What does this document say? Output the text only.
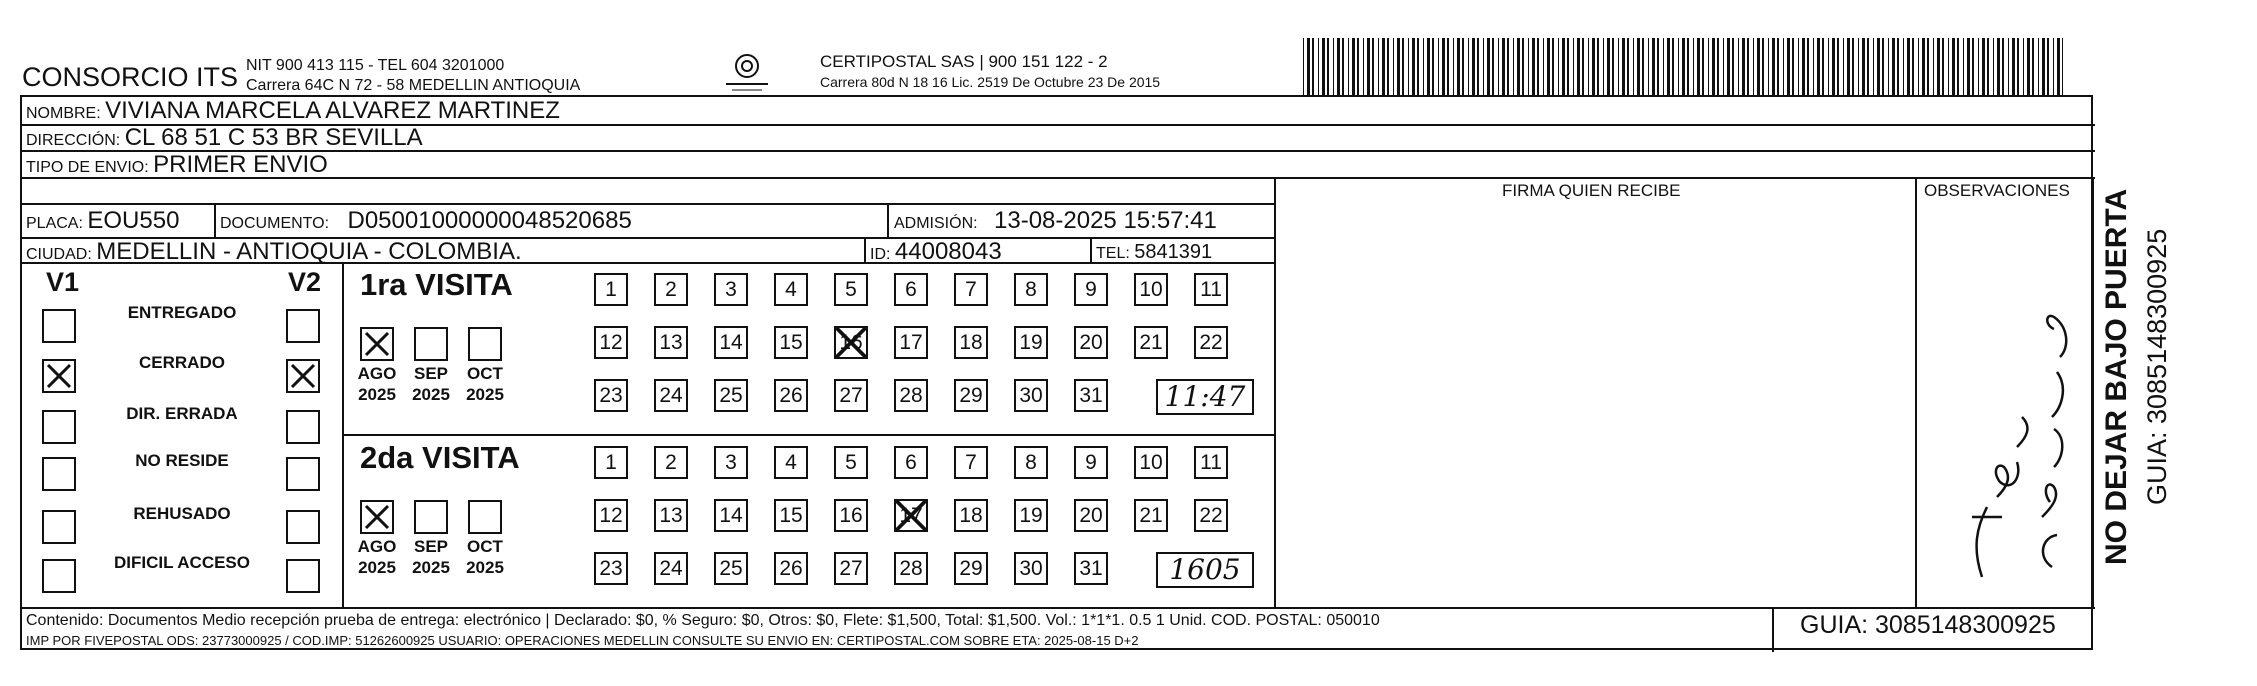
CONSORCIO ITS NIT 900 413 115 - TEL 604 3201000
Carrera 64C N 72 - 58 MEDELLIN ANTIOQUIA
CERTIPOSTAL SAS | 900 151 122 - 2
Carrera 80d N 18 16 Lic. 2519 De Octubre 23 De 2015
NOMBRE: VIVIANA MARCELA ALVAREZ MARTINEZ
DIRECCIÓN: CL 68 51 C 53 BR SEVILLA
TIPO DE ENVIO: PRIMER ENVIO
FIRMA QUIEN RECIBE	OBSERVACIONES
PLACA: EOU550	DOCUMENTO: D05001000000048520685	ADMISIÓN: 13-08-2025 15:57:41
CIUDAD: MEDELLIN - ANTIOQUIA - COLOMBIA.	ID: 44008043	TEL: 5841391
V1	V2
ENTREGADO
CERRADO
DIR. ERRADA
NO RESIDE
REHUSADO
DIFICIL ACCESO
1ra VISITA
AGO
2025
SEP
2025
OCT
2025
1	2	3	4	5	6	7	8	9	10 11
12 13 14 15 16 17 18 19 20 21 22
23 24 25 26 27 28 29 30 31	11:47
2da VISITA
AGO
2025
SEP
2025
OCT
2025
1	2	3	4	5	6	7	8	9	10 11
12 13 14 15 16 17 18 19 20 21 22
23 24 25 26 27 28 29 30 31	1605
Contenido: Documentos Medio recepción prueba de entrega: electrónico | Declarado: $0, % Seguro: $0, Otros: $0, Flete: $1,500, Total: $1,500. Vol.: 1*1*1. 0.5 1 Unid. COD. POSTAL: 050010
IMP POR FIVEPOSTAL ODS: 23773000925 / COD.IMP: 51262600925 USUARIO: OPERACIONES MEDELLIN CONSULTE SU ENVIO EN: CERTIPOSTAL.COM SOBRE ETA: 2025-08-15 D+2
GUIA: 3085148300925
NO DEJAR BAJO PUERTA GUIA: 3085148300925
